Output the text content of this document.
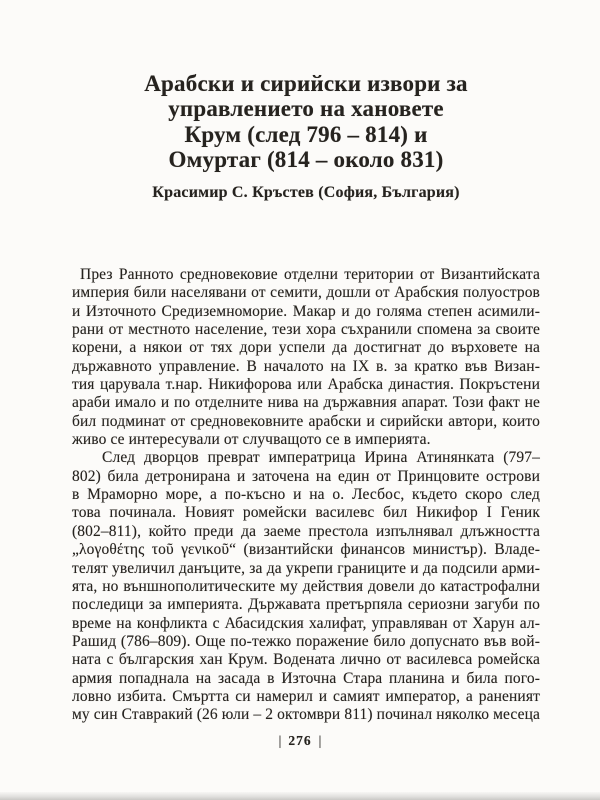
Арабски и сирийски извори за
управлението на хановете
Крум (след 796 – 814) и
Омуртаг (814 – около 831)
Красимир С. Кръстев (София, България)
През Ранното средновековие отделни територии от Византийската
империя били населявани от семити, дошли от Арабския полуостров
и Източното Средиземноморие. Макар и до голяма степен асимили-
рани от местното население, тези хора съхранили спомена за своите
корени, а някои от тях дори успели да достигнат до върховете на
държавното управление. В началото на IX в. за кратко във Визан-
тия царувала т.нар. Никифорова или Арабска династия. Покръстени
араби имало и по отделните нива на държавния апарат. Този факт не
бил подминат от средновековните арабски и сирийски автори, които
живо се интересували от случващото се в империята.
След дворцов преврат императрица Ирина Атинянката (797–
802) била детронирана и заточена на един от Принцовите острови
в Мраморно море, а по-късно и на о. Лесбос, където скоро след
това починала. Новият ромейски василевс бил Никифор I Геник
(802–811), който преди да заеме престола изпълнявал длъжността
„λογοθέτης τοῦ γενικοῦ“ (византийски финансов министър). Владе-
телят увеличил данъците, за да укрепи границите и да подсили арми-
ята, но външнополитическите му действия довели до катастрофални
последици за империята. Държавата претърпяла сериозни загуби по
време на конфликта с Абасидския халифат, управляван от Харун ал-
Рашид (786–809). Още по-тежко поражение било допуснато във вой-
ната с българския хан Крум. Водената лично от василевса ромейска
армия попаднала на засада в Източна Стара планина и била пого-
ловно избита. Смъртта си намерил и самият император, а раненият
му син Ставракий (26 юли – 2 октомври 811) починал няколко месеца
| 276 |
